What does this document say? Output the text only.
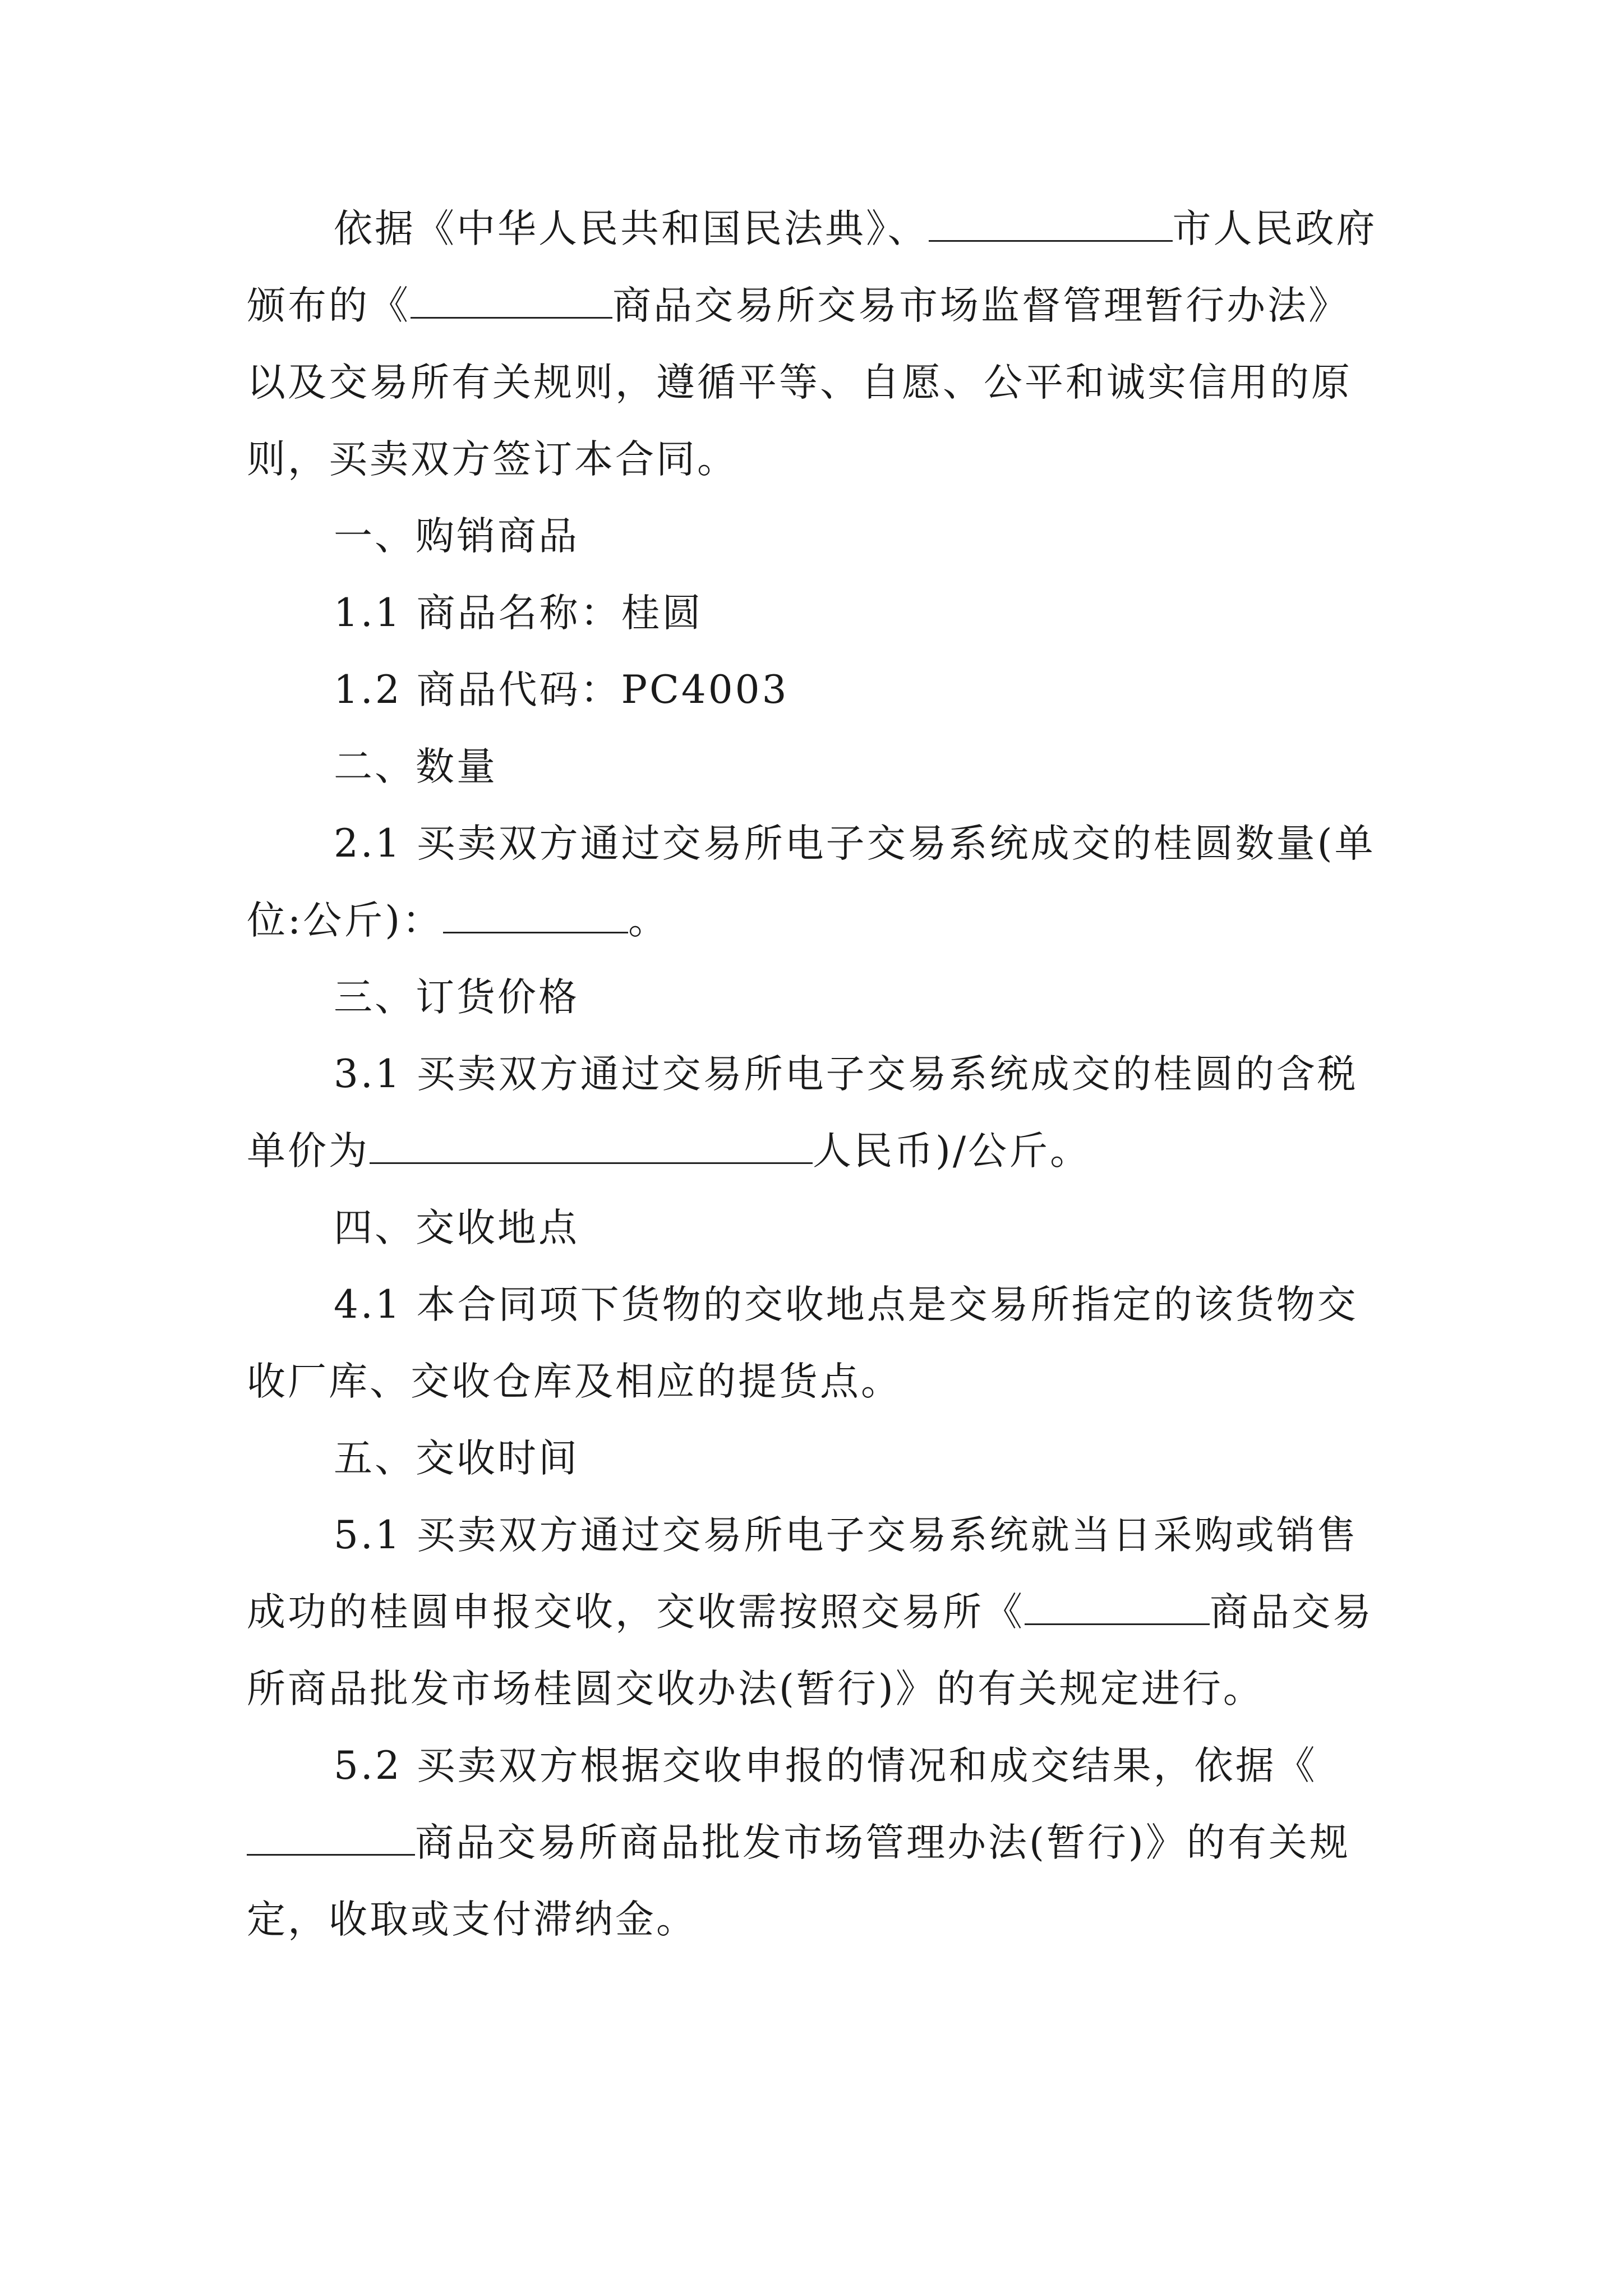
依据《中华人民共和国民法典》、	市人民政府颁布的《	商品交易所交易市场监督管理暂行办法》以及交易所有关规则，遵循平等、自愿、公平和诚实信用的原则，买卖双方签订本合同。

一、购销商品

1.1 商品名称：桂圆

1.2 商品代码：PC4003

二、数量

2.1 买卖双方通过交易所电子交易系统成交的桂圆数量(单位:公斤)：	。

三、订货价格

3.1 买卖双方通过交易所电子交易系统成交的桂圆的含税单价为	人民币)/公斤。

四、交收地点

4.1 本合同项下货物的交收地点是交易所指定的该货物交收厂库、交收仓库及相应的提货点。

五、交收时间

5.1 买卖双方通过交易所电子交易系统就当日采购或销售成功的桂圆申报交收，交收需按照交易所《	商品交易所商品批发市场桂圆交收办法(暂行)》的有关规定进行。

5.2 买卖双方根据交收申报的情况和成交结果，依据《商品交易所商品批发市场管理办法(暂行)》的有关规定，收取或支付滞纳金。
